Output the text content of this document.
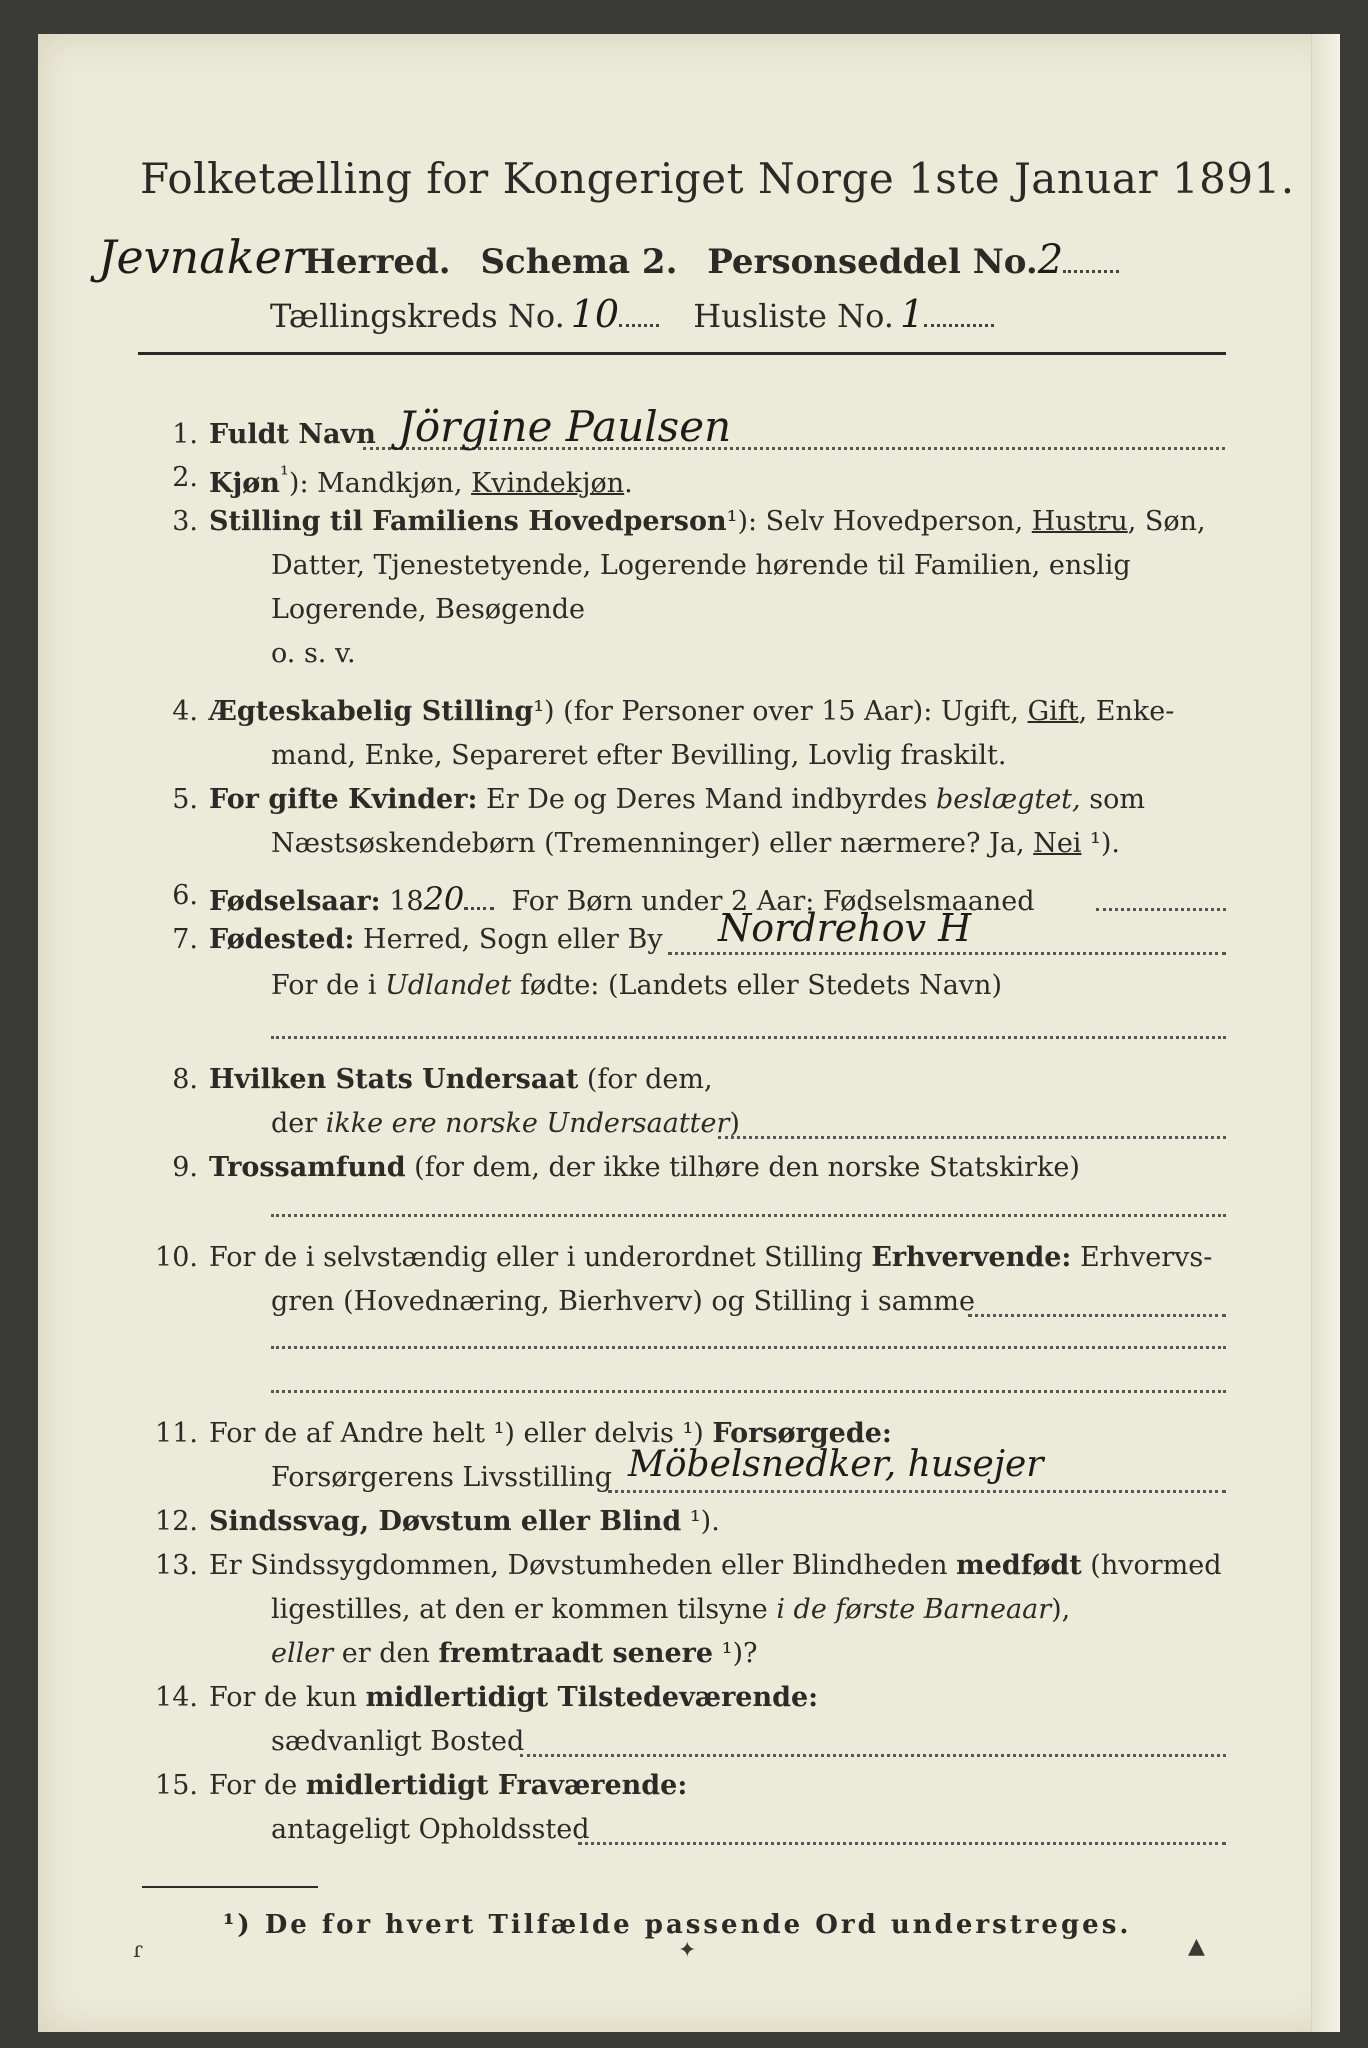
Folketælling for Kongeriget Norge 1ste Januar 1891.
JevnakerHerred. Schema 2. Personseddel No.2
Tællingskreds No. 10 Husliste No. 1
1. Fuldt Navn Jörgine Paulsen
2. Kjøn$^{^1}$): Mandkjøn, Kvindekjøn.
3. Stilling til Familiens Hovedperson¹): Selv Hovedperson, Hustru, Søn,
Datter, Tjenestetyende, Logerende hørende til Familien, enslig
Logerende, Besøgende
o. s. v.
4. Ægteskabelig Stilling¹) (for Personer over 15 Aar): Ugift, Gift, Enke-
mand, Enke, Separeret efter Bevilling, Lovlig fraskilt.
5. For gifte Kvinder: Er De og Deres Mand indbyrdes beslægtet, som
Næstsøskendebørn (Tremenninger) eller nærmere? Ja, Nei ¹).
6. Fødselsaar: 1820 For Børn under 2 Aar: Fødselsmaaned
7. Fødested: Herred, Sogn eller By Nordrehov H
For de i Udlandet fødte: (Landets eller Stedets Navn)
8. Hvilken Stats Undersaat (for dem,
der ikke ere norske Undersaatter)
9. Trossamfund (for dem, der ikke tilhøre den norske Statskirke)
10. For de i selvstændig eller i underordnet Stilling Erhvervende: Erhvervs-
gren (Hovednæring, Bierhverv) og Stilling i samme
11. For de af Andre helt ¹) eller delvis ¹) Forsørgede:
Forsørgerens Livsstilling Möbelsnedker, husejer
12. Sindssvag, Døvstum eller Blind ¹).
13. Er Sindssygdommen, Døvstumheden eller Blindheden medfødt (hvormed
ligestilles, at den er kommen tilsyne i de første Barneaar),
eller er den fremtraadt senere ¹)?
14. For de kun midlertidigt Tilstedeværende:
sædvanligt Bosted
15. For de midlertidigt Fraværende:
antageligt Opholdssted
¹) De for hvert Tilfælde passende Ord understreges.
ɾ	✦	▲
